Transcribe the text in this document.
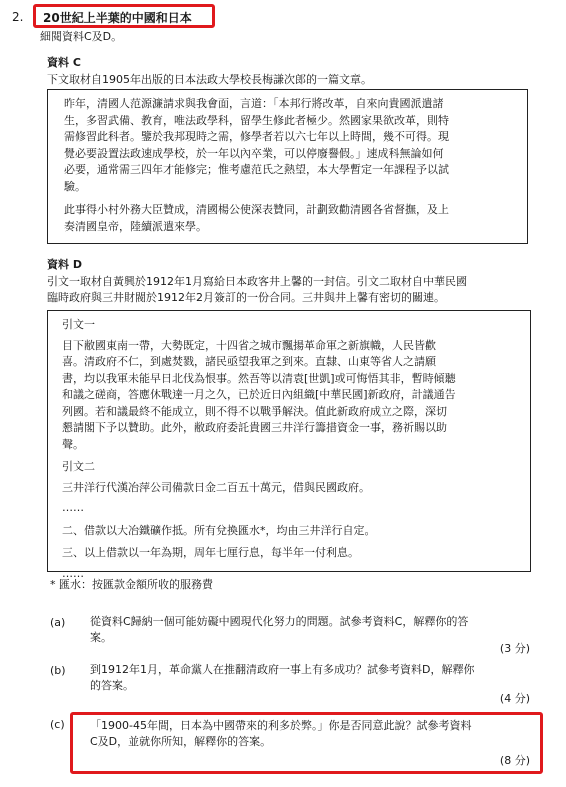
2. 20世紀上半葉的中國和日本
細閱資料C及D。
資料 C
下文取材自1905年出版的日本法政大學校長梅謙次郎的一篇文章。

昨年，清國人范源濂請求與我會面，言道：「本邦行將改革，自來向貴國派遣諸

生，多習武備、教育，唯法政學科，留學生修此者極少。然國家果欲改革，則特

需修習此科者。鑒於我邦現時之需，修學者若以六七年以上時間，幾不可得。現

覺必要設置法政速成學校，於一年以內卒業，可以停廢譽假。」速成科無論如何

必要，通常需三四年才能修完；惟考慮范氏之熱望，本大學暫定一年課程予以試

驗。

此事得小村外務大臣贊成，清國楊公使深表贊同，計劃致勸清國各省督撫，及上

奏清國皇帝，陸續派遣來學。

資料 D
引文一取材自黃興於1912年1月寫給日本政客井上馨的一封信。引文二取材自中華民國
臨時政府與三井財閥於1912年2月簽訂的一份合同。三井與井上馨有密切的關連。
引文一

目下敝國東南一帶，大勢既定，十四省之城市飄揚革命軍之新旗幟，人民皆歡

喜。清政府不仁，到處焚戮，諸民亟望我軍之到來。直隸、山東等省人之請願

書，均以我軍未能早日北伐為恨事。然吾等以清袁[世凱]或可悔悟其非，暫時傾聽

和議之磋商，答應休戰達一月之久，已於近日內組織[中華民國]新政府，計議通告

列國。若和議最終不能成立，則不得不以戰爭解決。值此新政府成立之際，深切

懇請閣下予以贊助。此外，敝政府委託貴國三井洋行籌措資金一事，務祈賜以助

聲。

引文二
三井洋行代漢冶萍公司備款日金二百五十萬元，借與民國政府。
……
二、借款以大冶鐵礦作抵。所有兌換匯水*，均由三井洋行自定。
三、以上借款以一年為期，周年七厘行息，每半年一付利息。
……
* 匯水：按匯款金額所收的服務費
(a) 從資料C歸納一個可能妨礙中國現代化努力的問題。試參考資料C，解釋你的答
案。
(3 分)
(b) 到1912年1月，革命黨人在推翻清政府一事上有多成功？試參考資料D，解釋你
的答案。
(4 分)
(c) 「1900-45年間，日本為中國帶來的利多於弊。」你是否同意此說？試參考資料
C及D，並就你所知，解釋你的答案。
(8 分)
